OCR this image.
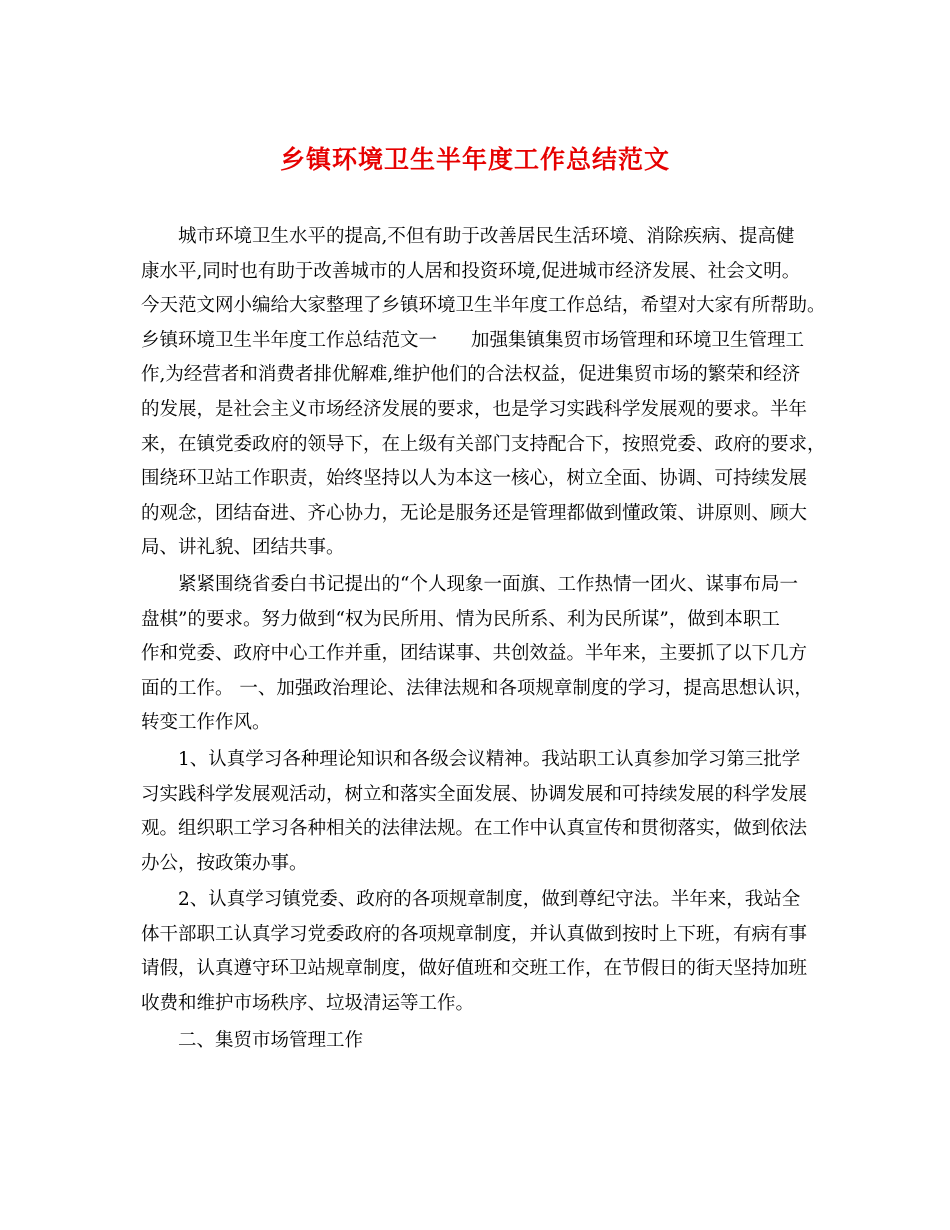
乡镇环境卫生半年度工作总结范文
城市环境卫生水平的提高,不但有助于改善居民生活环境、消除疾病、提高健
康水平,同时也有助于改善城市的人居和投资环境,促进城市经济发展、社会文明。
今天范文网小编给大家整理了乡镇环境卫生半年度工作总结，希望对大家有所帮助。
乡镇环境卫生半年度工作总结范文一 加强集镇集贸市场管理和环境卫生管理工
作,为经营者和消费者排优解难,维护他们的合法权益，促进集贸市场的繁荣和经济
的发展，是社会主义市场经济发展的要求，也是学习实践科学发展观的要求。半年
来，在镇党委政府的领导下，在上级有关部门支持配合下，按照党委、政府的要求，
围绕环卫站工作职责，始终坚持以人为本这一核心，树立全面、协调、可持续发展
的观念，团结奋进、齐心协力，无论是服务还是管理都做到懂政策、讲原则、顾大
局、讲礼貌、团结共事。
紧紧围绕省委白书记提出的“个人现象一面旗、工作热情一团火、谋事布局一
盘棋”的要求。努力做到“权为民所用、情为民所系、利为民所谋”，做到本职工
作和党委、政府中心工作并重，团结谋事、共创效益。半年来，主要抓了以下几方
面的工作。 一、加强政治理论、法律法规和各项规章制度的学习，提高思想认识，
转变工作作风。
1、认真学习各种理论知识和各级会议精神。我站职工认真参加学习第三批学
习实践科学发展观活动，树立和落实全面发展、协调发展和可持续发展的科学发展
观。组织职工学习各种相关的法律法规。在工作中认真宣传和贯彻落实，做到依法
办公，按政策办事。
2、认真学习镇党委、政府的各项规章制度，做到尊纪守法。半年来，我站全
体干部职工认真学习党委政府的各项规章制度，并认真做到按时上下班，有病有事
请假，认真遵守环卫站规章制度，做好值班和交班工作，在节假日的街天坚持加班
收费和维护市场秩序、垃圾清运等工作。
二、集贸市场管理工作
